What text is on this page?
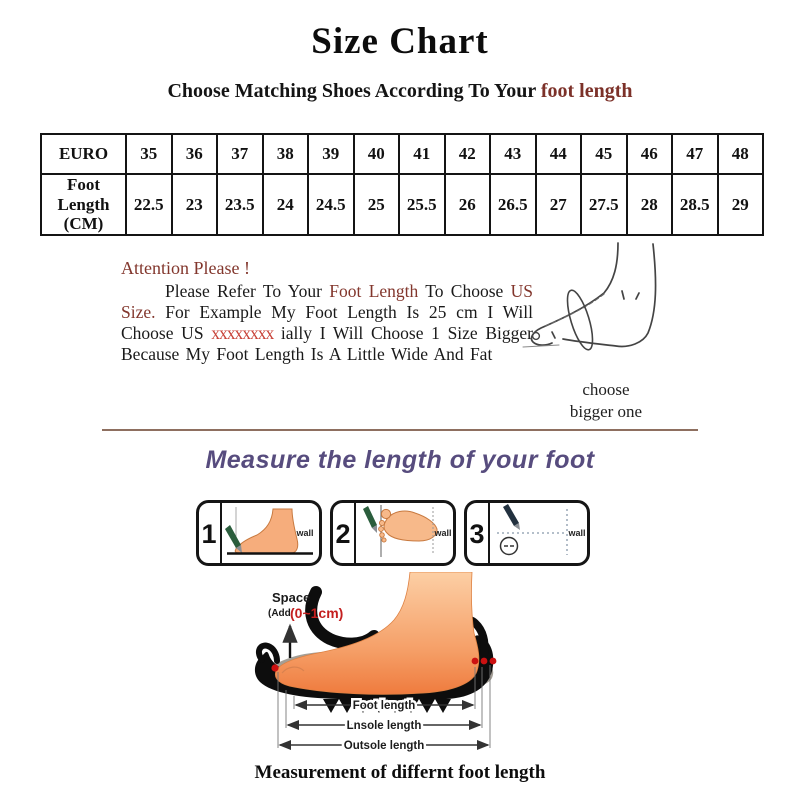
Size Chart
Choose Matching Shoes According To Your foot length
EURO	35	36	37	38	39	40	41	42	43	44	45	46	47	48
Foot Length (CM)	22.5	23	23.5	24	24.5	25	25.5	26	26.5	27	27.5	28	28.5	29
Attention Please !
Please Refer To Your Foot Length To Choose US Size. For Example My Foot Length Is 25 cm I Will Choose US xxxxxxxx ially I Will Choose 1 Size Bigger Because My Foot Length Is A Little Wide And Fat
choose
bigger one
Measure the length of your foot
1	wall 2	wall 3	wall
Space
(Add (0~1cm)
Foot length
Lnsole length
Outsole length
Measurement of differnt foot length
